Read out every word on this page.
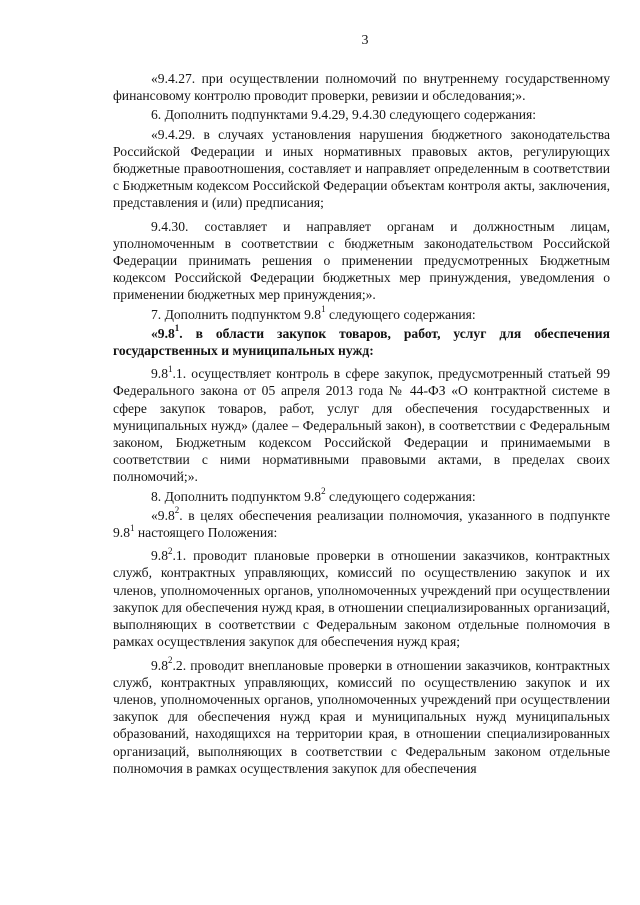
3

«9.4.27. при осуществлении полномочий по внутреннему государственному финансовому контролю проводит проверки, ревизии и обследования;».

6. Дополнить подпунктами 9.4.29, 9.4.30 следующего содержания:

«9.4.29. в случаях установления нарушения бюджетного законодательства Российской Федерации и иных нормативных правовых актов, регулирующих бюджетные правоотношения, составляет и направляет определенным в соответствии с Бюджетным кодексом Российской Федерации объектам контроля акты, заключения, представления и (или) предписания;

9.4.30. составляет и направляет органам и должностным лицам, уполномоченным в соответствии с бюджетным законодательством Российской Федерации принимать решения о применении предусмотренных Бюджетным кодексом Российской Федерации бюджетных мер принуждения, уведомления о применении бюджетных мер принуждения;».

7. Дополнить подпунктом $9.8^1$ следующего содержания:

«$9.8^1$. в области закупок товаров, работ, услуг для обеспечения государственных и муниципальных нужд:

$9.8^1.1$. осуществляет контроль в сфере закупок, предусмотренный статьей 99 Федерального закона от 05 апреля 2013 года № 44-ФЗ «О контрактной системе в сфере закупок товаров, работ, услуг для обеспечения государственных и муниципальных нужд» (далее – Федеральный закон), в соответствии с Федеральным законом, Бюджетным кодексом Российской Федерации и принимаемыми в соответствии с ними нормативными правовыми актами, в пределах своих полномочий;».

8. Дополнить подпунктом $9.8^2$ следующего содержания:

«$9.8^2$. в целях обеспечения реализации полномочия, указанного в подпункте $9.8^1$ настоящего Положения:

$9.8^2.1$. проводит плановые проверки в отношении заказчиков, контрактных служб, контрактных управляющих, комиссий по осуществлению закупок и их членов, уполномоченных органов, уполномоченных учреждений при осуществлении закупок для обеспечения нужд края, в отношении специализированных организаций, выполняющих в соответствии с Федеральным законом отдельные полномочия в рамках осуществления закупок для обеспечения нужд края;

$9.8^2.2$. проводит внеплановые проверки в отношении заказчиков, контрактных служб, контрактных управляющих, комиссий по осуществлению закупок и их членов, уполномоченных органов, уполномоченных учреждений при осуществлении закупок для обеспечения нужд края и муниципальных нужд муниципальных образований, находящихся на территории края, в отношении специализированных организаций, выполняющих в соответствии с Федеральным законом отдельные полномочия в рамках осуществления закупок для обеспечения
